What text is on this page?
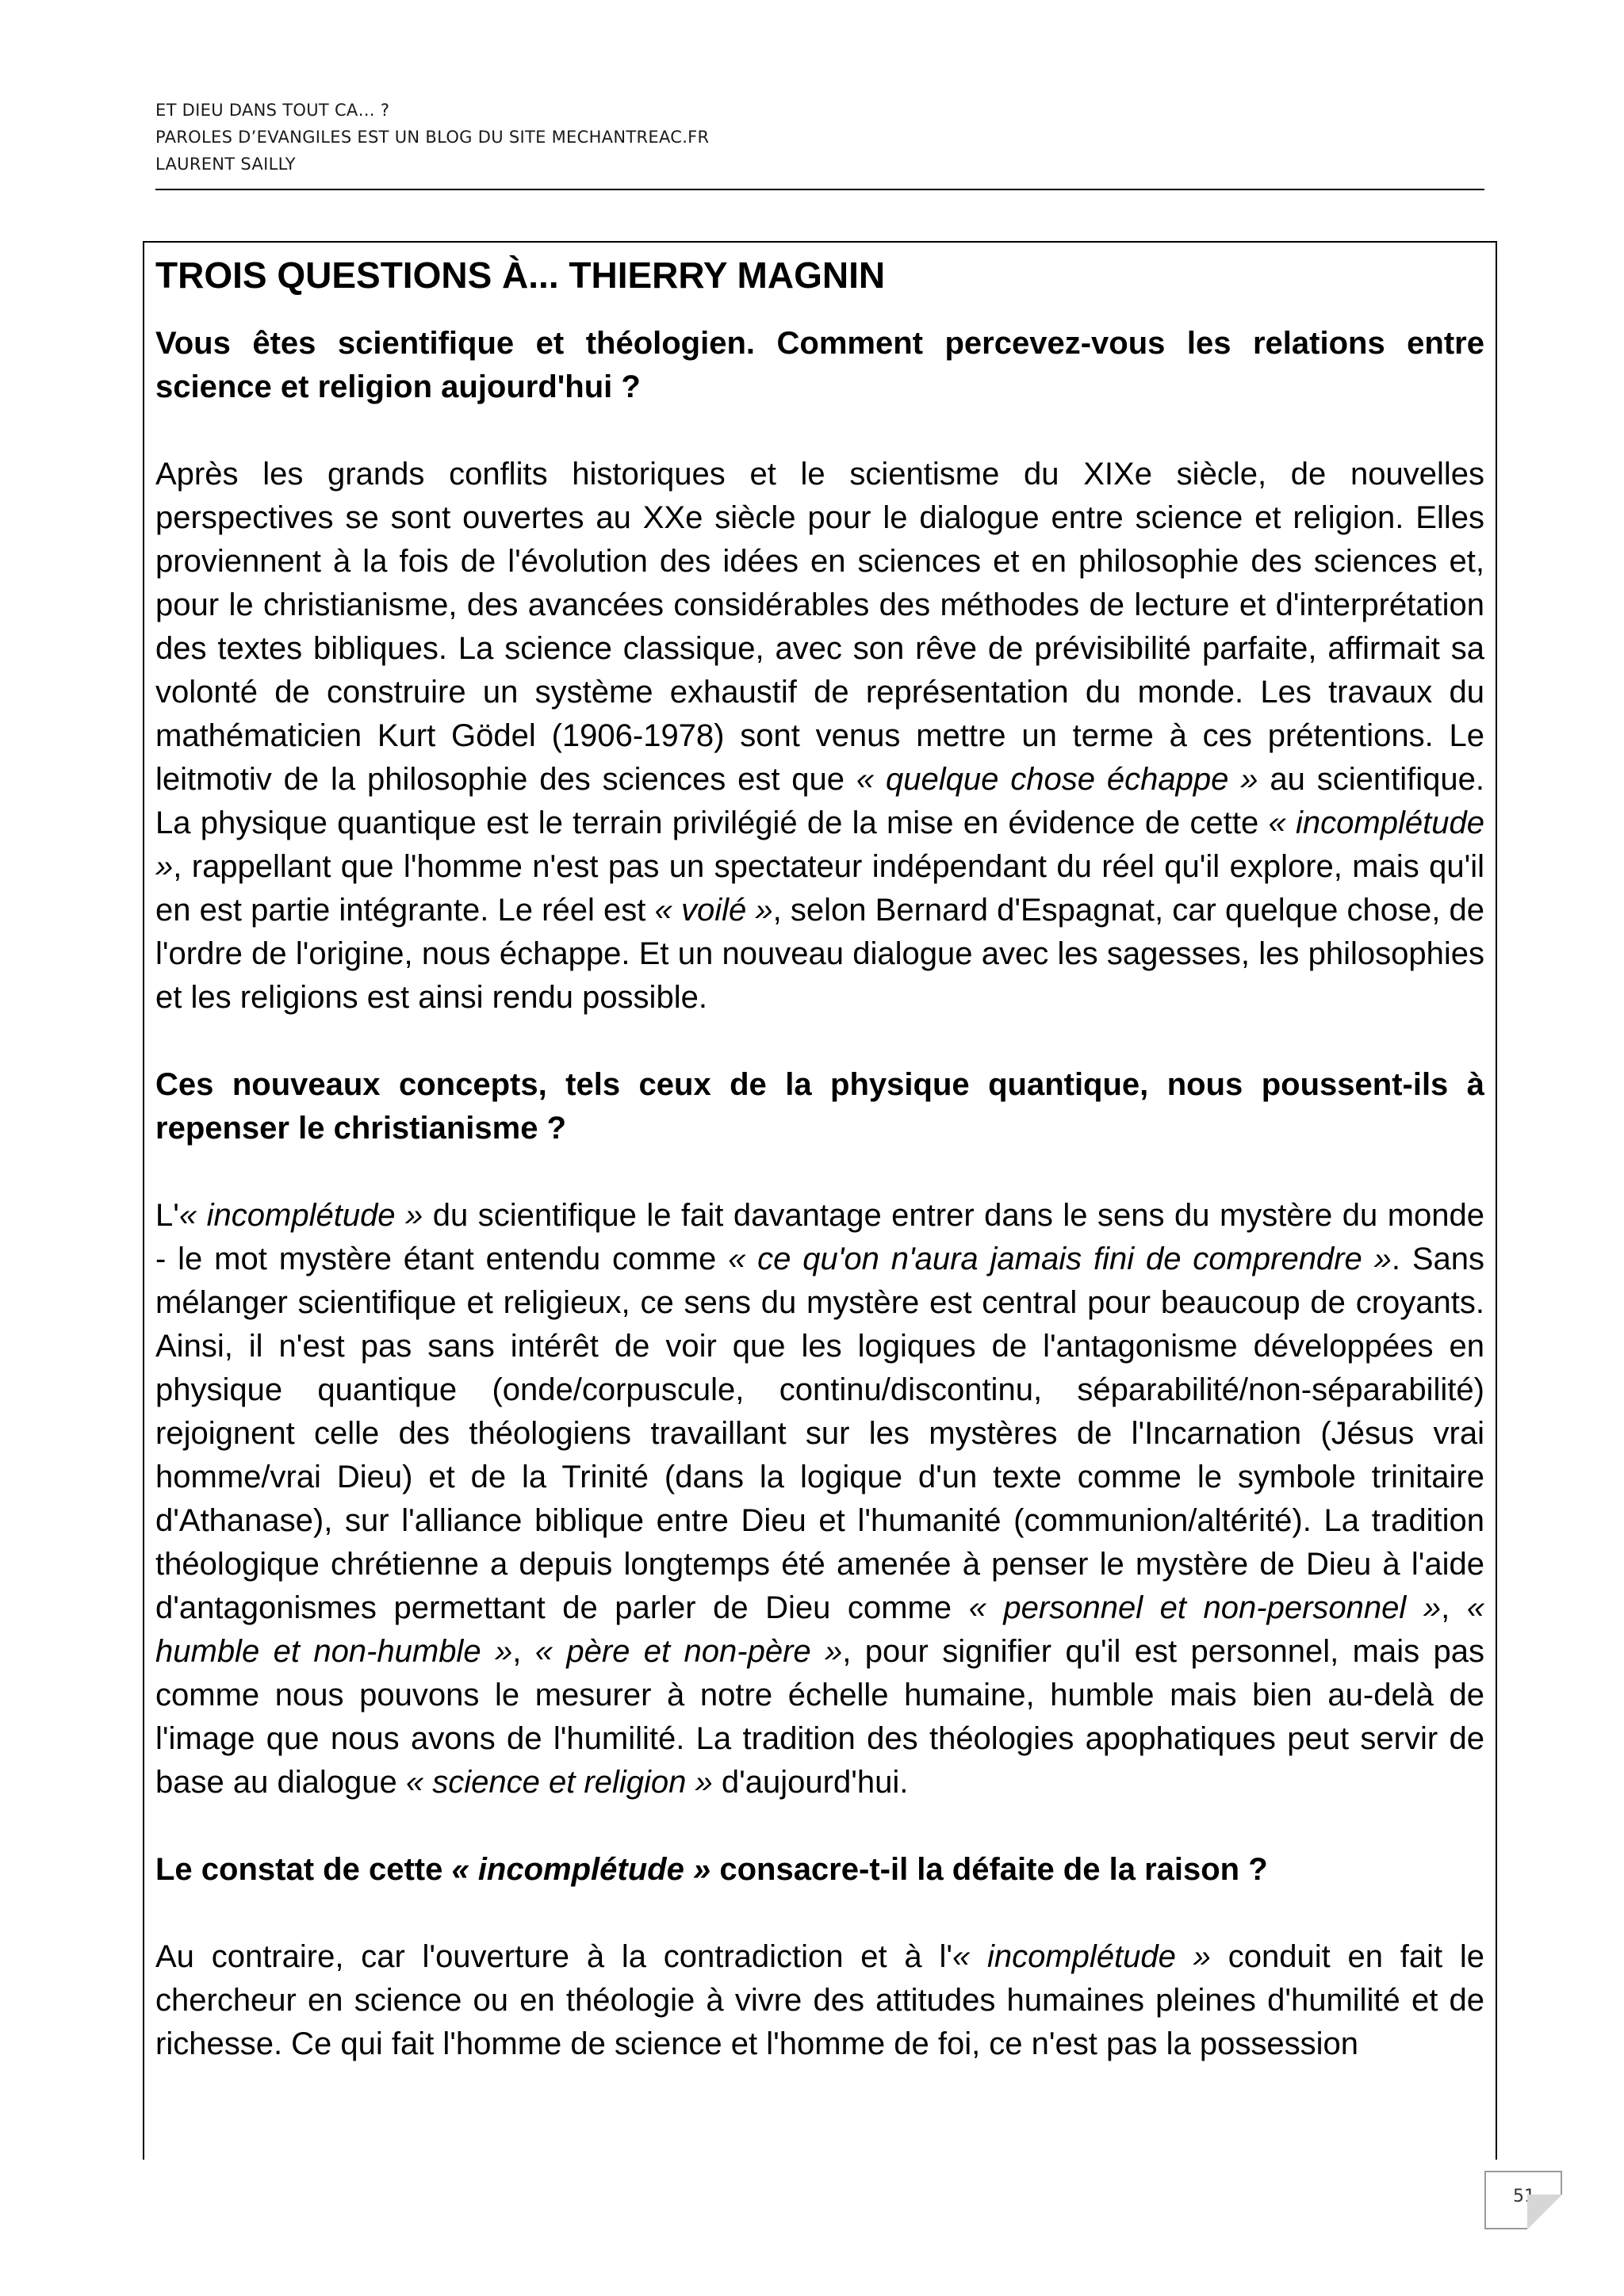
ET DIEU DANS TOUT CA… ?
PAROLES D’EVANGILES EST UN BLOG DU SITE MECHANTREAC.FR
LAURENT SAILLY
TROIS QUESTIONS À... THIERRY MAGNIN

Vous êtes scientifique et théologien. Comment percevez-vous les relations entre science et religion aujourd'hui ?

Après les grands conflits historiques et le scientisme du XIXe siècle, de nouvelles perspectives se sont ouvertes au XXe siècle pour le dialogue entre science et religion. Elles proviennent à la fois de l'évolution des idées en sciences et en philosophie des sciences et, pour le christianisme, des avancées considérables des méthodes de lecture et d'interprétation des textes bibliques. La science classique, avec son rêve de prévisibilité parfaite, affirmait sa volonté de construire un système exhaustif de représentation du monde. Les travaux du mathématicien Kurt Gödel (1906-1978) sont venus mettre un terme à ces prétentions. Le leitmotiv de la philosophie des sciences est que « quelque chose échappe » au scientifique. La physique quantique est le terrain privilégié de la mise en évidence de cette « incomplétude », rappellant que l'homme n'est pas un spectateur indépendant du réel qu'il explore, mais qu'il en est partie intégrante. Le réel est « voilé », selon Bernard d'Espagnat, car quelque chose, de l'ordre de l'origine, nous échappe. Et un nouveau dialogue avec les sagesses, les philosophies et les religions est ainsi rendu possible.

Ces nouveaux concepts, tels ceux de la physique quantique, nous poussent-ils à repenser le christianisme ?

L'« incomplétude » du scientifique le fait davantage entrer dans le sens du mystère du monde - le mot mystère étant entendu comme « ce qu'on n'aura jamais fini de comprendre ». Sans mélanger scientifique et religieux, ce sens du mystère est central pour beaucoup de croyants. Ainsi, il n'est pas sans intérêt de voir que les logiques de l'antagonisme développées en physique quantique (onde/corpuscule, continu/discontinu, séparabilité/non-séparabilité) rejoignent celle des théologiens travaillant sur les mystères de l'Incarnation (Jésus vrai homme/vrai Dieu) et de la Trinité (dans la logique d'un texte comme le symbole trinitaire d'Athanase), sur l'alliance biblique entre Dieu et l'humanité (communion/altérité). La tradition théologique chrétienne a depuis longtemps été amenée à penser le mystère de Dieu à l'aide d'antagonismes permettant de parler de Dieu comme « personnel et non-personnel », « humble et non-humble », « père et non-père », pour signifier qu'il est personnel, mais pas comme nous pouvons le mesurer à notre échelle humaine, humble mais bien au-delà de l'image que nous avons de l'humilité. La tradition des théologies apophatiques peut servir de base au dialogue « science et religion » d'aujourd'hui.

Le constat de cette « incomplétude » consacre-t-il la défaite de la raison ?

Au contraire, car l'ouverture à la contradiction et à l'« incomplétude » conduit en fait le chercheur en science ou en théologie à vivre des attitudes humaines pleines d'humilité et de richesse. Ce qui fait l'homme de science et l'homme de foi, ce n'est pas la possession

51
